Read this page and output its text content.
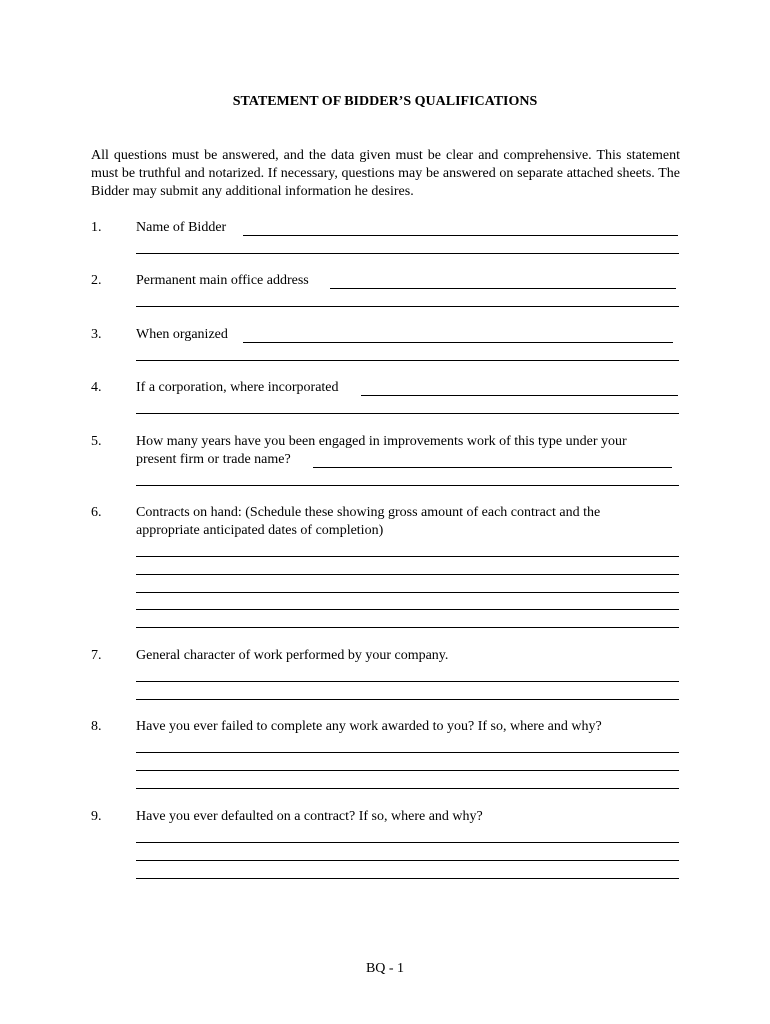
STATEMENT OF BIDDER’S QUALIFICATIONS
All questions must be answered, and the data given must be clear and comprehensive. This statement must be truthful and notarized. If necessary, questions may be answered on separate attached sheets. The Bidder may submit any additional information he desires.
1. Name of Bidder
2. Permanent main office address
3. When organized
4. If a corporation, where incorporated
5. How many years have you been engaged in improvements work of this type under your
present firm or trade name?
6. Contracts on hand: (Schedule these showing gross amount of each contract and the
appropriate anticipated dates of completion)
7. General character of work performed by your company.
8. Have you ever failed to complete any work awarded to you? If so, where and why?
9. Have you ever defaulted on a contract? If so, where and why?
BQ - 1
